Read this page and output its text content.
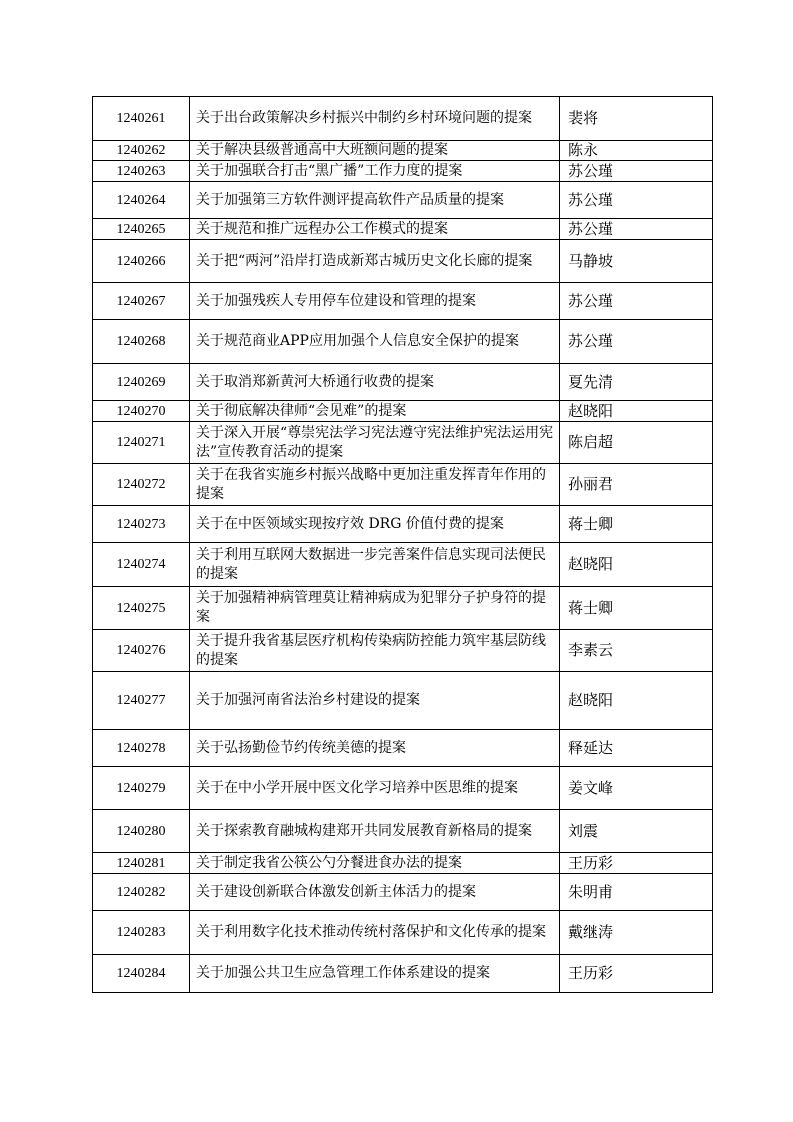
1240261	关于出台政策解决乡村振兴中制约乡村环境问题的提案	裴将
1240262	关于解决县级普通高中大班额问题的提案	陈永
1240263	关于加强联合打击“黑广播”工作力度的提案	苏公瑾
1240264	关于加强第三方软件测评提高软件产品质量的提案	苏公瑾
1240265	关于规范和推广远程办公工作模式的提案	苏公瑾
1240266	关于把“两河”沿岸打造成新郑古城历史文化长廊的提案	马静坡
1240267	关于加强残疾人专用停车位建设和管理的提案	苏公瑾
1240268	关于规范商业APP应用加强个人信息安全保护的提案	苏公瑾
1240269	关于取消郑新黄河大桥通行收费的提案	夏先清
1240270	关于彻底解决律师“会见难”的提案	赵晓阳
1240271	关于深入开展“尊崇宪法学习宪法遵守宪法维护宪法运用宪法”宣传教育活动的提案	陈启超
1240272	关于在我省实施乡村振兴战略中更加注重发挥青年作用的提案	孙丽君
1240273	关于在中医领域实现按疗效 DRG 价值付费的提案	蒋士卿
1240274	关于利用互联网大数据进一步完善案件信息实现司法便民的提案	赵晓阳
1240275	关于加强精神病管理莫让精神病成为犯罪分子护身符的提案	蒋士卿
1240276	关于提升我省基层医疗机构传染病防控能力筑牢基层防线的提案	李素云
1240277	关于加强河南省法治乡村建设的提案	赵晓阳
1240278	关于弘扬勤俭节约传统美德的提案	释延达
1240279	关于在中小学开展中医文化学习培养中医思维的提案	姜文峰
1240280	关于探索教育融城构建郑开共同发展教育新格局的提案	刘震
1240281	关于制定我省公筷公勺分餐进食办法的提案	王历彩
1240282	关于建设创新联合体激发创新主体活力的提案	朱明甫
1240283	关于利用数字化技术推动传统村落保护和文化传承的提案	戴继涛
1240284	关于加强公共卫生应急管理工作体系建设的提案	王历彩
